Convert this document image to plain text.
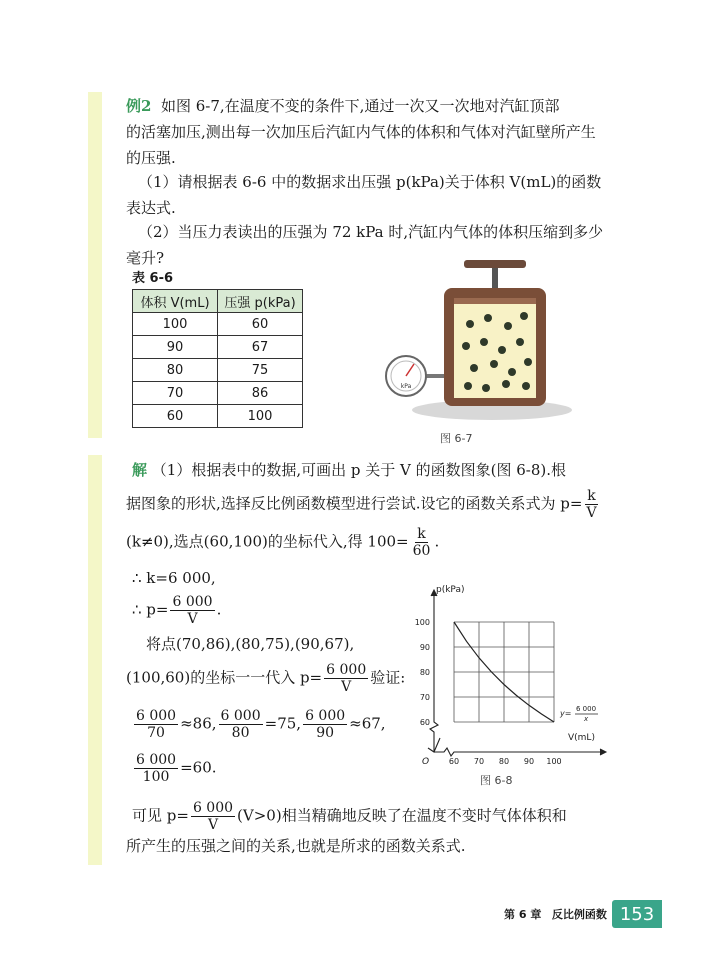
例2 如图 6-7,在温度不变的条件下,通过一次又一次地对汽缸顶部
的活塞加压,测出每一次加压后汽缸内气体的体积和气体对汽缸壁所产生
的压强.
（1）请根据表 6-6 中的数据求出压强 p(kPa)关于体积 V(mL)的函数
表达式.
（2）当压力表读出的压强为 72 kPa 时,汽缸内气体的体积压缩到多少
毫升?
表 6-6
体积 V(mL)	压强 p(kPa)
100	60
90	67
80	75
70	86
60	100
kPa
图 6-7
解 （1）根据表中的数据,可画出 p 关于 V 的函数图象(图 6-8).根
据图象的形状,选择反比例函数模型进行尝试.设它的函数关系式为 $p= \frac{k}{V}$
(k≠0),选点(60,100)的坐标代入,得 $100= \frac{k}{60}$ .
∴ k=6 000,
∴ $p= \frac{6 000}{V}$ .
将点(70,86),(80,75),(90,67),
(100,60)的坐标一一代入 $p= \frac{6 000}{V}$ 验证:
$\frac{6 000}{70} \approx 86$, $\frac{6 000}{80} =75$, $\frac{6 000}{90} \approx 67$,
$\frac{6 000}{100} =60$.
可见 $p= \frac{6 000}{V} (V>0)$相当精确地反映了在温度不变时气体体积和
所产生的压强之间的关系,也就是所求的函数关系式.
60 70 80 90 100
60
70
80
90
100
p(kPa)
V(mL)
O
6 000
x
y=
图 6-8
第 6 章 反比例函数 153
